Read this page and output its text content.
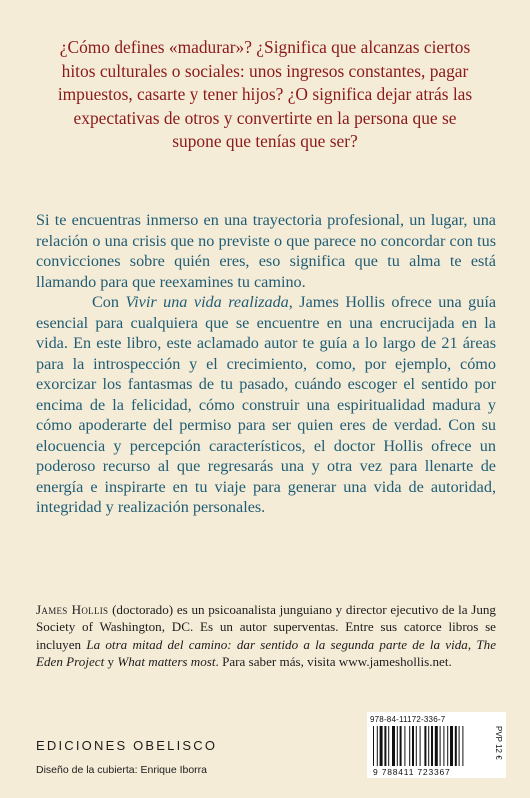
¿Cómo defines «madurar»? ¿Significa que alcanzas ciertos hitos culturales o sociales: unos ingresos constantes, pagar impuestos, casarte y tener hijos? ¿O significa dejar atrás las expectativas de otros y convertirte en la persona que se supone que tenías que ser?

Si te encuentras inmerso en una trayectoria profesional, un lugar, una relación o una crisis que no previste o que parece no concordar con tus convicciones sobre quién eres, eso significa que tu alma te está llamando para que reexamines tu camino.

Con Vivir una vida realizada, James Hollis ofrece una guía esencial para cualquiera que se encuentre en una encrucijada en la vida. En este libro, este aclamado autor te guía a lo largo de 21 áreas para la introspección y el crecimiento, como, por ejemplo, cómo exorcizar los fantasmas de tu pasado, cuándo escoger el sentido por encima de la felicidad, cómo construir una espiritualidad madura y cómo apoderarte del permiso para ser quien eres de verdad. Con su elocuencia y percepción característicos, el doctor Hollis ofrece un poderoso recurso al que regresarás una y otra vez para llenarte de energía e inspirarte en tu viaje para generar una vida de autoridad, integridad y realización personales.

James Hollis (doctorado) es un psicoanalista junguiano y director ejecutivo de la Jung Society of Washington, DC. Es un autor superventas. Entre sus catorce libros se incluyen La otra mitad del camino: dar sentido a la segunda parte de la vida, The Eden Project y What matters most. Para saber más, visita www.jameshollis.net.

EDICIONES OBELISCO

Diseño de la cubierta: Enrique Iborra

978-84-11172-336-7
9 788411 723367
PVP 12 €
